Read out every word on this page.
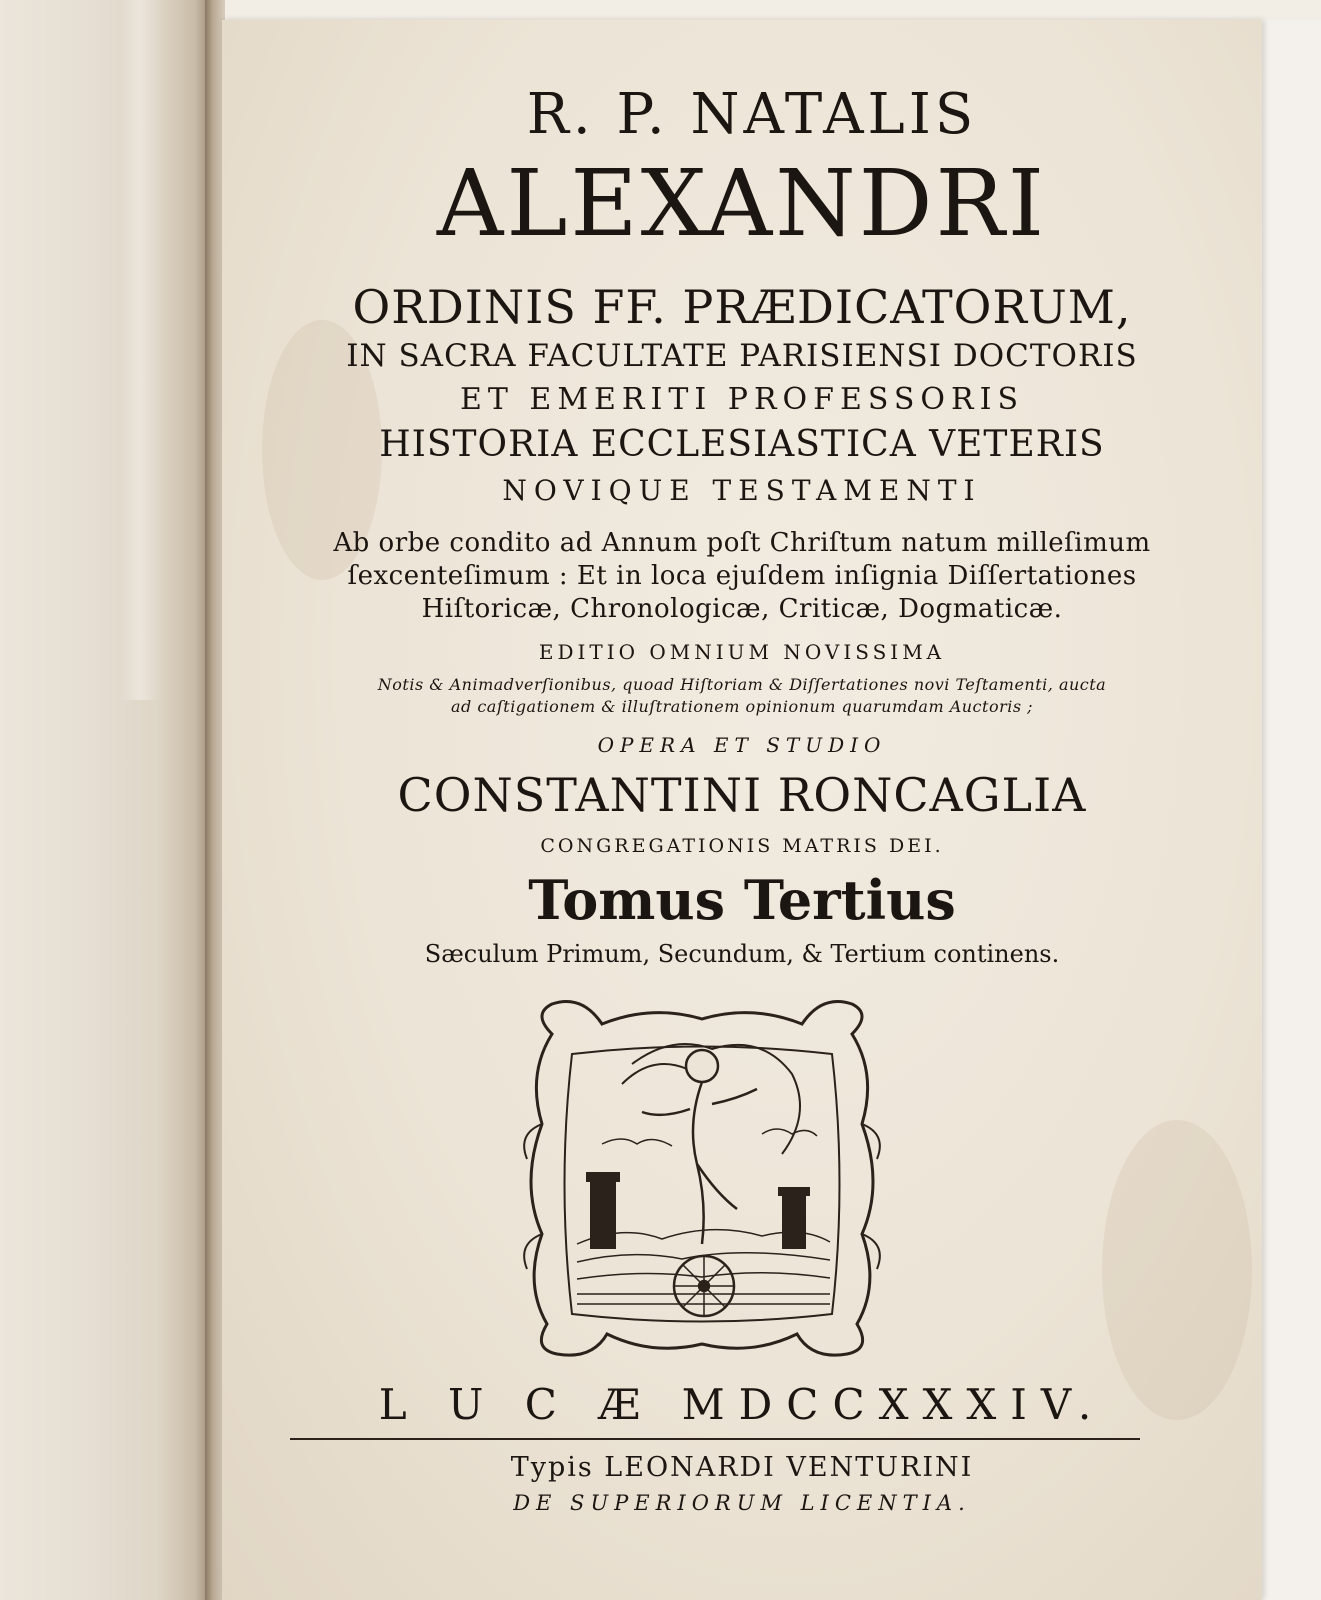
R. P. NATALIS
ALEXANDRI
ORDINIS FF. PRÆDICATORUM,
IN SACRA FACULTATE PARISIENSI DOCTORIS
ET EMERITI PROFESSORIS
HISTORIA ECCLESIASTICA VETERIS
NOVIQUE TESTAMENTI
Ab orbe condito ad Annum poſt Chriſtum natum milleſimum
ſexcenteſimum : Et in loca ejuſdem inſignia Diſſertationes
Hiſtoricæ, Chronologicæ, Criticæ, Dogmaticæ.
EDITIO OMNIUM NOVISSIMA
Notis & Animadverſionibus, quoad Hiſtoriam & Diſſertationes novi Teſtamenti, aucta
ad caſtigationem & illuſtrationem opinionum quarumdam Auctoris ;
OPERA ET STUDIO
CONSTANTINI RONCAGLIA
CONGREGATIONIS MATRIS DEI.
Tomus Tertius
Sæculum Primum, Secundum, & Tertium continens.
L U C Æ MDCCXXXIV.
Typis LEONARDI VENTURINI
DE SUPERIORUM LICENTIA.
